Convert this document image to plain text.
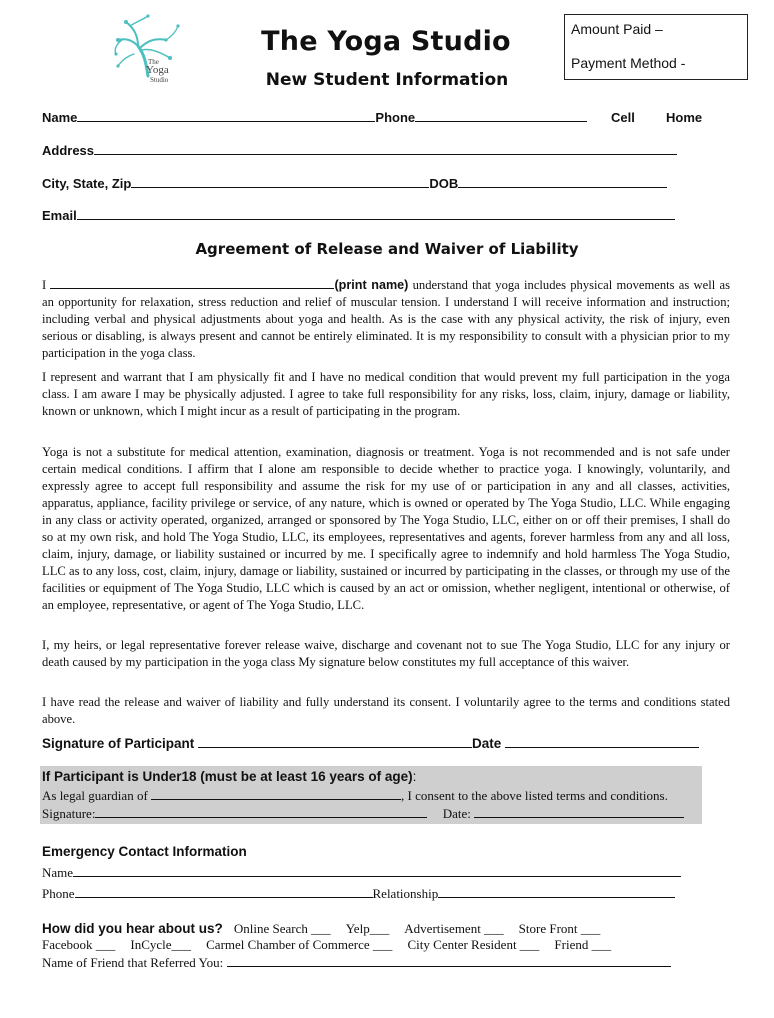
The
Yoga
Studio
The Yoga Studio
New Student Information
Amount Paid –
Payment Method -
Name	Phone	Cell Home
Address
City, State, Zip	DOB
Email
Agreement of Release and Waiver of Liability
I	(print name) understand that yoga includes physical movements as well as an opportunity for relaxation, stress reduction and relief of muscular tension. I understand I will receive information and instruction; including verbal and physical adjustments about yoga and health. As is the case with any physical activity, the risk of injury, even serious or disabling, is always present and cannot be entirely eliminated. It is my responsibility to consult with a physician prior to my participation in the yoga class.
I represent and warrant that I am physically fit and I have no medical condition that would prevent my full participation in the yoga class. I am aware I may be physically adjusted. I agree to take full responsibility for any risks, loss, claim, injury, damage or liability, known or unknown, which I might incur as a result of participating in the program.
Yoga is not a substitute for medical attention, examination, diagnosis or treatment. Yoga is not recommended and is not safe under certain medical conditions. I affirm that I alone am responsible to decide whether to practice yoga. I knowingly, voluntarily, and expressly agree to accept full responsibility and assume the risk for my use of or participation in any and all classes, activities, apparatus, appliance, facility privilege or service, of any nature, which is owned or operated by The Yoga Studio, LLC. While engaging in any class or activity operated, organized, arranged or sponsored by The Yoga Studio, LLC, either on or off their premises, I shall do so at my own risk, and hold The Yoga Studio, LLC, its employees, representatives and agents, forever harmless from any and all loss, claim, injury, damage, or liability sustained or incurred by me. I specifically agree to indemnify and hold harmless The Yoga Studio, LLC as to any loss, cost, claim, injury, damage or liability, sustained or incurred by participating in the classes, or through my use of the facilities or equipment of The Yoga Studio, LLC which is caused by an act or omission, whether negligent, intentional or otherwise, of an employee, representative, or agent of The Yoga Studio, LLC.
I, my heirs, or legal representative forever release waive, discharge and covenant not to sue The Yoga Studio, LLC for any injury or death caused by my participation in the yoga class My signature below constitutes my full acceptance of this waiver.
I have read the release and waiver of liability and fully understand its consent. I voluntarily agree to the terms and conditions stated above.
Signature of Participant	Date
If Participant is Under18 (must be at least 16 years of age):
As legal guardian of	, I consent to the above listed terms and conditions.
Signature:	Date:
Emergency Contact Information
Name
Phone	Relationship
How did you hear about us? Online Search ___ Yelp___ Advertisement ___ Store Front ___
Facebook ___ InCycle___ Carmel Chamber of Commerce ___ City Center Resident ___ Friend ___
Name of Friend that Referred You:
